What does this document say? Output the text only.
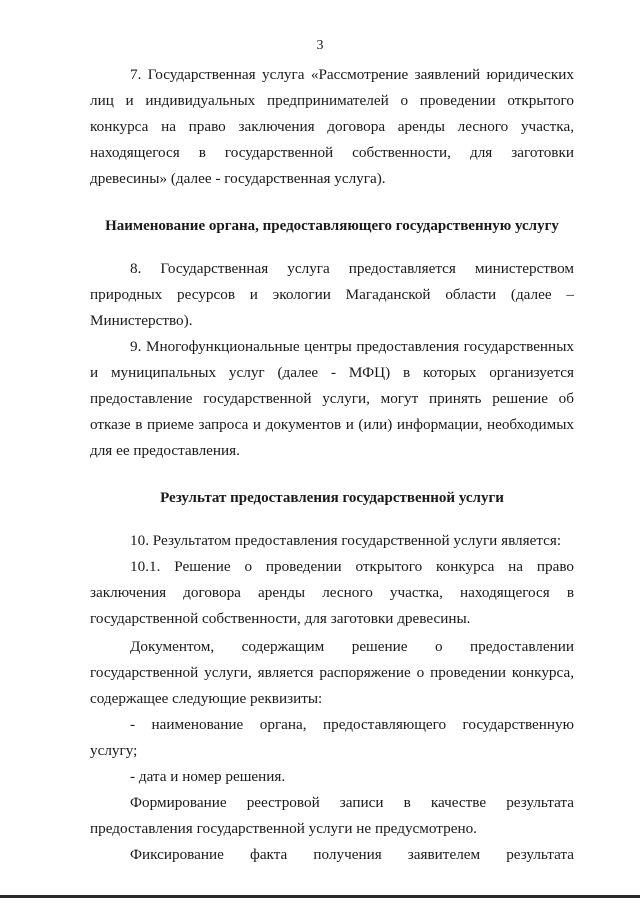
3

7. Государственная услуга «Рассмотрение заявлений юридических лиц и индивидуальных предпринимателей о проведении открытого конкурса на право заключения договора аренды лесного участка, находящегося в государственной собственности, для заготовки древесины» (далее - государственная услуга).

Наименование органа, предоставляющего государственную услугу

8. Государственная услуга предоставляется министерством природных ресурсов и экологии Магаданской области (далее – Министерство).

9. Многофункциональные центры предоставления государственных и муниципальных услуг (далее - МФЦ) в которых организуется предоставление государственной услуги, могут принять решение об отказе в приеме запроса и документов и (или) информации, необходимых для ее предоставления.

Результат предоставления государственной услуги

10. Результатом предоставления государственной услуги является:

10.1. Решение о проведении открытого конкурса на право заключения договора аренды лесного участка, находящегося в государственной собственности, для заготовки древесины.

Документом, содержащим решение о предоставлении государственной услуги, является распоряжение о проведении конкурса, содержащее следующие реквизиты:

- наименование органа, предоставляющего государственную услугу;

- дата и номер решения.

Формирование реестровой записи в качестве результата предоставления государственной услуги не предусмотрено.

Фиксирование факта получения заявителем результата
